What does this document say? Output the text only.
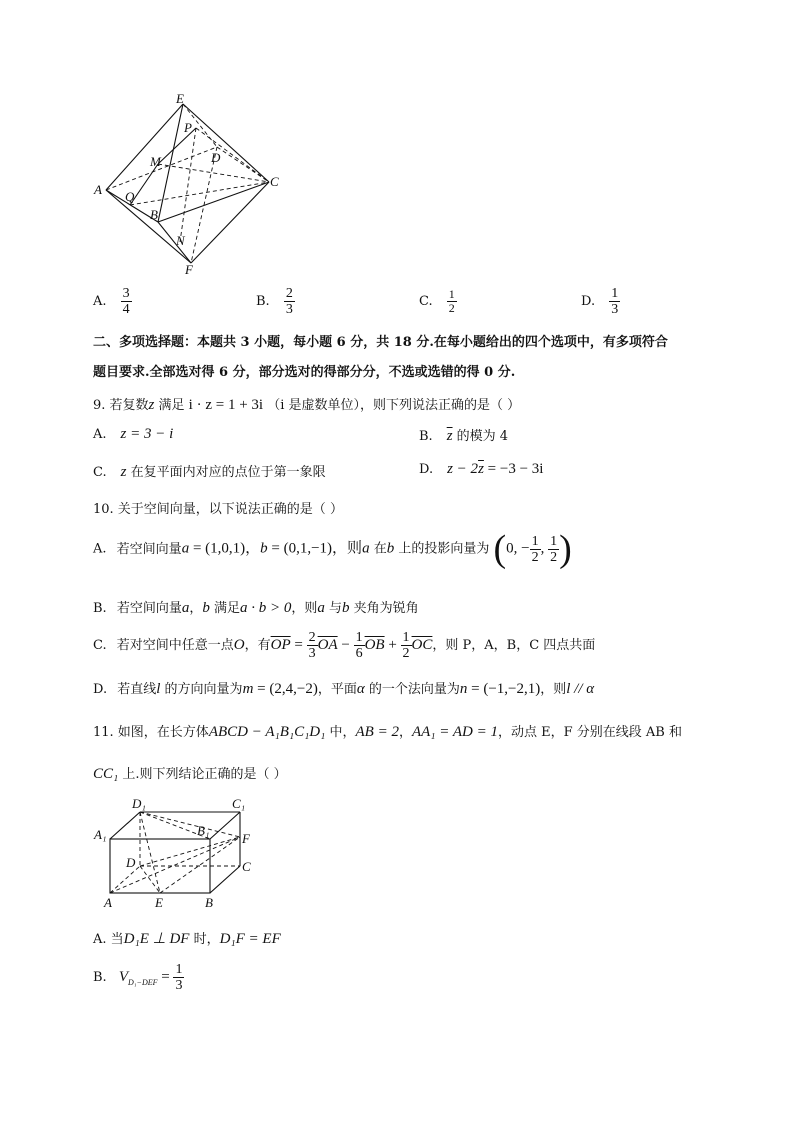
E
P
D
M
C
A Q
B
N
F
A. $\frac{3}{4}$	B. $\frac{2}{3}$	C. $\frac{1}{2}$	D. $\frac{1}{3}$
二、多项选择题：本题共 3 小题，每小题 6 分，共 18 分.在每小题给出的四个选项中，有多项符合
题目要求.全部选对得 6 分，部分选对的得部分分，不选或选错的得 0 分.
9. 若复数z 满足 i · z = 1 + 3i （i 是虚数单位），则下列说法正确的是（ ）
A. z = 3 − i	B. $\overline{z}$ 的模为 4
C. z 在复平面内对应的点位于第一象限	D. $z - 2\overline{z} = -3 - 3i$
10. 关于空间向量，以下说法正确的是（ ）
A. 若空间向量a = (1,0,1)，b = (0,1,−1)，则a 在b 上的投影向量为 (0, − $\frac{1}{2}$ , $\frac{1}{2}$ )
B. 若空间向量a，b 满足a · b > 0，则a 与b 夹角为锐角
C. 若对空间中任意一点O，有$\overline{OP} = \frac{2}{3} \overline{OA} - \frac{1}{6} \overline{OB} + \frac{1}{2} \overline{OC}$，则 P，A，B，C 四点共面
D. 若直线l 的方向向量为m = (2,4,−2)，平面α 的一个法向量为n = (−1,−2,1)，则l // α
11. 如图，在长方体ABCD − A₁B₁C₁D₁ 中，AB = 2，AA₁ = AD = 1，动点 E，F 分别在线段 AB 和
CC₁ 上.则下列结论正确的是（ ）
D₁	C₁
A₁	B₁
F
D	C
A	E	B
A. 当D₁E ⊥ DF 时，D₁F = EF
B. $V_{D_1-DEF} = \frac{1}{3}$
